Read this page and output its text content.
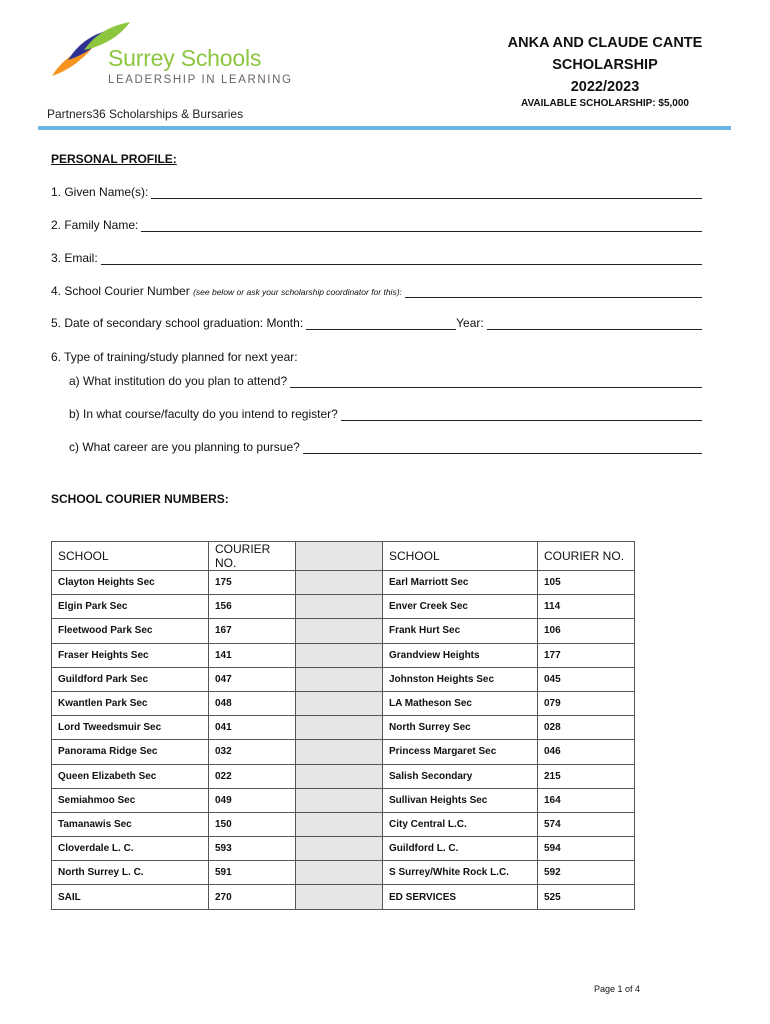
Surrey Schools
LEADERSHIP IN LEARNING
Partners36 Scholarships & Bursaries
ANKA AND CLAUDE CANTE
SCHOLARSHIP
2022/2023
AVAILABLE SCHOLARSHIP: $5,000
PERSONAL PROFILE:
1. Given Name(s):
2. Family Name:
3. Email:
4. School Courier Number (see below or ask your scholarship coordinator for this):
5. Date of secondary school graduation: Month:	Year:
6. Type of training/study planned for next year:
a) What institution do you plan to attend?
b) In what course/faculty do you intend to register?
c) What career are you planning to pursue?
SCHOOL COURIER NUMBERS:
SCHOOL	COURIER NO.		SCHOOL	COURIER NO.
Clayton Heights Sec	175		Earl Marriott Sec	105
Elgin Park Sec	156		Enver Creek Sec	114
Fleetwood Park Sec	167		Frank Hurt Sec	106
Fraser Heights Sec	141		Grandview Heights	177
Guildford Park Sec	047		Johnston Heights Sec	045
Kwantlen Park Sec	048		LA Matheson Sec	079
Lord Tweedsmuir Sec	041		North Surrey Sec	028
Panorama Ridge Sec	032		Princess Margaret Sec	046
Queen Elizabeth Sec	022		Salish Secondary	215
Semiahmoo Sec	049		Sullivan Heights Sec	164
Tamanawis Sec	150		City Central L.C.	574
Cloverdale L. C.	593		Guildford L. C.	594
North Surrey L. C.	591		S Surrey/White Rock L.C.	592
SAIL	270		ED SERVICES	525
Page 1 of 4
